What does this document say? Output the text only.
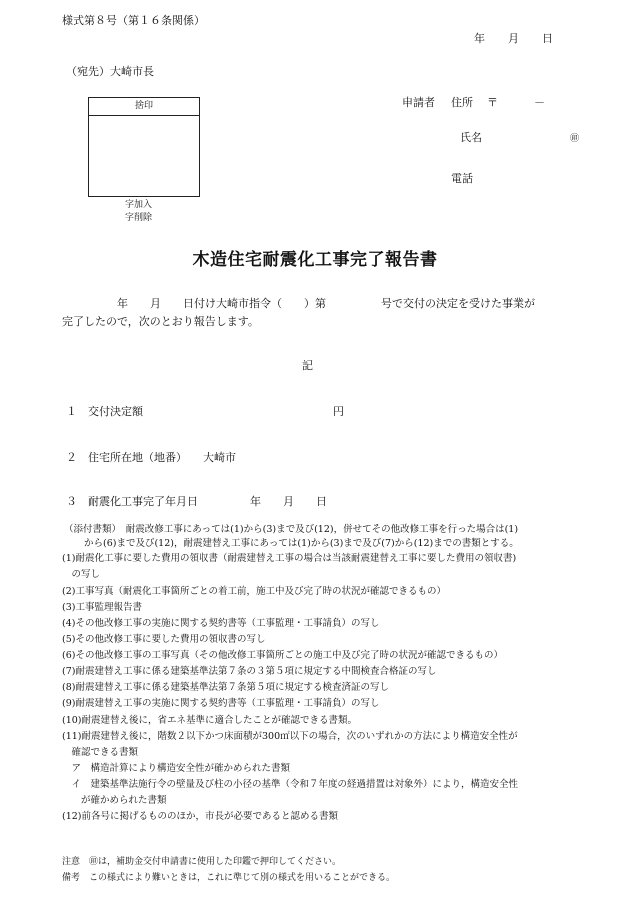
様式第８号（第１６条関係）
年 月 日
（宛先）大崎市長
捨印
字加入
字削除
申請者 住所 〒	－
氏名	㊞
電話
木造住宅耐震化工事完了報告書
　　　　　年　　月　　日付け大崎市指令（　　）第　　　　　号で交付の決定を受けた事業が
完了したので，次のとおり報告します。
記
１ 交付決定額	円
２ 住宅所在地（地番） 大崎市
３ 耐震化工事完了年月日	年　　月　　日
（添付書類）　耐震改修工事にあっては(1)から(3)まで及び(12)，併せてその他改修工事を行った場合は(1)
から(6)まで及び(12)，耐震建替え工事にあっては(1)から(3)まで及び(7)から(12)までの書類とする。
(1)耐震化工事に要した費用の領収書（耐震建替え工事の場合は当該耐震建替え工事に要した費用の領収書)
　の写し
(2)工事写真（耐震化工事箇所ごとの着工前，施工中及び完了時の状況が確認できるもの）
(3)工事監理報告書
(4)その他改修工事の実施に関する契約書等（工事監理・工事請負）の写し
(5)その他改修工事に要した費用の領収書の写し
(6)その他改修工事の工事写真（その他改修工事箇所ごとの施工中及び完了時の状況が確認できるもの）
(7)耐震建替え工事に係る建築基準法第７条の３第５項に規定する中間検査合格証の写し
(8)耐震建替え工事に係る建築基準法第７条第５項に規定する検査済証の写し
(9)耐震建替え工事の実施に関する契約書等（工事監理・工事請負）の写し
(10)耐震建替え後に，省エネ基準に適合したことが確認できる書類。
(11)耐震建替え後に，階数２以下かつ床面積が300㎡以下の場合，次のいずれかの方法により構造安全性が
　確認できる書類
　ア　構造計算により構造安全性が確かめられた書類
　イ　建築基準法施行令の壁量及び柱の小径の基準（令和７年度の経過措置は対象外）により，構造安全性
　　が確かめられた書類
(12)前各号に掲げるもののほか，市長が必要であると認める書類
注意　㊞は，補助金交付申請書に使用した印鑑で押印してください。
備考　この様式により難いときは，これに準じて別の様式を用いることができる。
